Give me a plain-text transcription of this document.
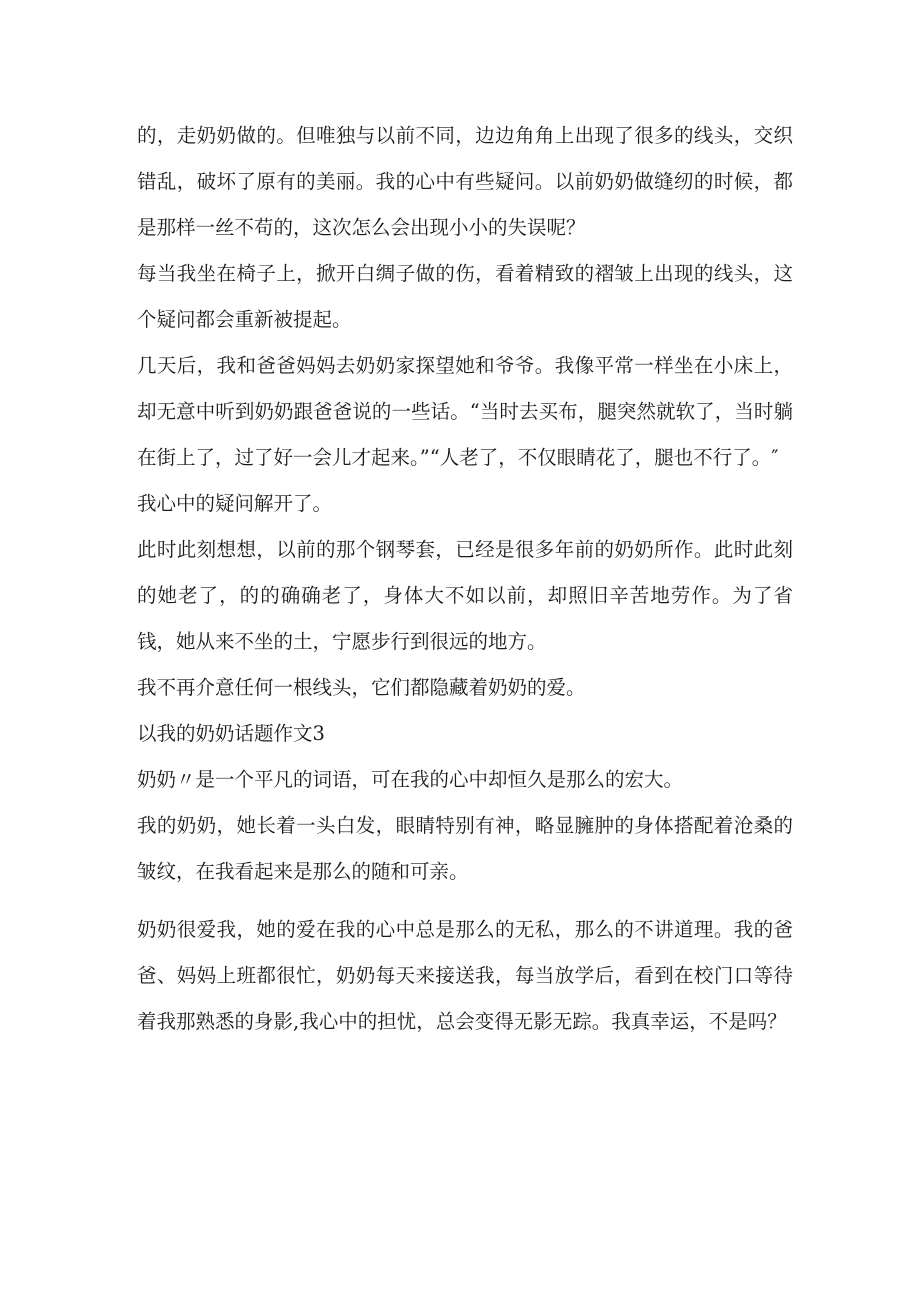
的，走奶奶做的。但唯独与以前不同，边边角角上出现了很多的线头，交织错乱，破坏了原有的美丽。我的心中有些疑问。以前奶奶做缝纫的时候，都是那样一丝不苟的，这次怎么会出现小小的失误呢？

每当我坐在椅子上，掀开白绸子做的伤，看着精致的褶皱上出现的线头，这个疑问都会重新被提起。

几天后，我和爸爸妈妈去奶奶家探望她和爷爷。我像平常一样坐在小床上，却无意中听到奶奶跟爸爸说的一些话。“当时去买布，腿突然就软了，当时躺在街上了，过了好一会儿才起来。”“人老了，不仅眼睛花了，腿也不行了。″

我心中的疑问解开了。

此时此刻想想，以前的那个钢琴套，已经是很多年前的奶奶所作。此时此刻的她老了，的的确确老了，身体大不如以前，却照旧辛苦地劳作。为了省钱，她从来不坐的土，宁愿步行到很远的地方。

我不再介意任何一根线头，它们都隐藏着奶奶的爱。

以我的奶奶话题作文3

奶奶〃是一个平凡的词语，可在我的心中却恒久是那么的宏大。

我的奶奶，她长着一头白发，眼睛特别有神，略显臃肿的身体搭配着沧桑的皱纹，在我看起来是那么的随和可亲。

奶奶很爱我，她的爱在我的心中总是那么的无私，那么的不讲道理。我的爸爸、妈妈上班都很忙，奶奶每天来接送我，每当放学后，看到在校门口等待着我那熟悉的身影,我心中的担忧，总会变得无影无踪。我真幸运，不是吗？
